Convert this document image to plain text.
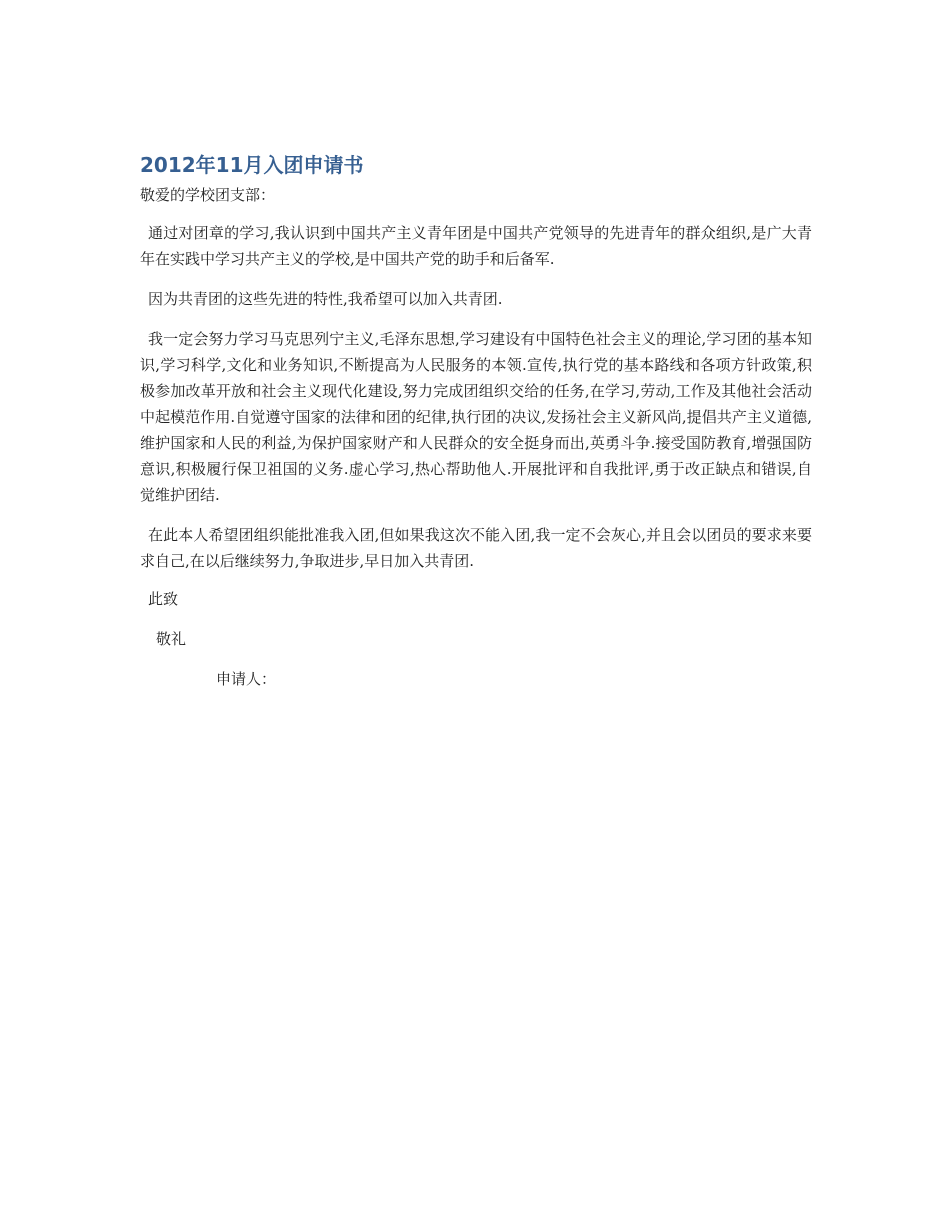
2012年11月入团申请书

敬爱的学校团支部：

通过对团章的学习,我认识到中国共产主义青年团是中国共产党领导的先进青年的群众组织,是广大青年在实践中学习共产主义的学校,是中国共产党的助手和后备军.

因为共青团的这些先进的特性,我希望可以加入共青团.

我一定会努力学习马克思列宁主义,毛泽东思想,学习建设有中国特色社会主义的理论,学习团的基本知识,学习科学,文化和业务知识,不断提高为人民服务的本领.宣传,执行党的基本路线和各项方针政策,积极参加改革开放和社会主义现代化建设,努力完成团组织交给的任务,在学习,劳动,工作及其他社会活动中起模范作用.自觉遵守国家的法律和团的纪律,执行团的决议,发扬社会主义新风尚,提倡共产主义道德,维护国家和人民的利益,为保护国家财产和人民群众的安全挺身而出,英勇斗争.接受国防教育,增强国防意识,积极履行保卫祖国的义务.虚心学习,热心帮助他人.开展批评和自我批评,勇于改正缺点和错误,自觉维护团结.

在此本人希望团组织能批准我入团,但如果我这次不能入团,我一定不会灰心,并且会以团员的要求来要求自己,在以后继续努力,争取进步,早日加入共青团.

此致

敬礼

申请人：
